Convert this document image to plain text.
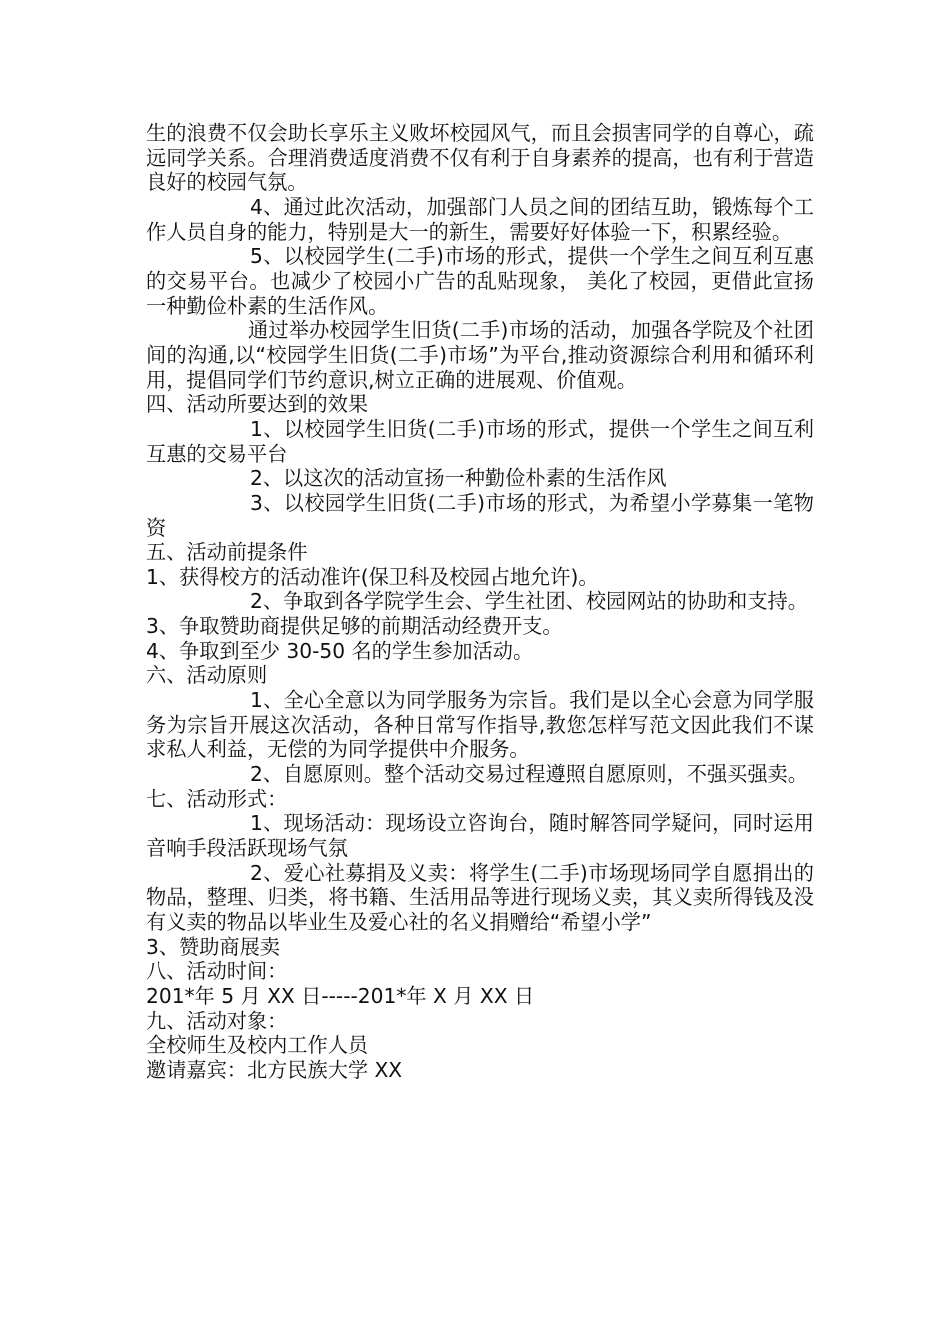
生的浪费不仅会助长享乐主义败坏校园风气，而且会损害同学的自尊心，疏远同学关系。合理消费适度消费不仅有利于自身素养的提高，也有利于营造良好的校园气氛。

4、通过此次活动，加强部门人员之间的团结互助，锻炼每个工作人员自身的能力，特别是大一的新生，需要好好体验一下，积累经验。

5、以校园学生(二手)市场的形式，提供一个学生之间互利互惠的交易平台。也减少了校园小广告的乱贴现象， 美化了校园，更借此宣扬一种勤俭朴素的生活作风。

通过举办校园学生旧货(二手)市场的活动，加强各学院及个社团间的沟通,以“校园学生旧货(二手)市场”为平台,推动资源综合利用和循环利用，提倡同学们节约意识,树立正确的进展观、价值观。

四、活动所要达到的效果

1、以校园学生旧货(二手)市场的形式，提供一个学生之间互利互惠的交易平台

2、以这次的活动宣扬一种勤俭朴素的生活作风

3、以校园学生旧货(二手)市场的形式，为希望小学募集一笔物资

五、活动前提条件

1、获得校方的活动准许(保卫科及校园占地允许)。

2、争取到各学院学生会、学生社团、校园网站的协助和支持。

3、争取赞助商提供足够的前期活动经费开支。

4、争取到至少 30-50 名的学生参加活动。

六、活动原则

1、全心全意以为同学服务为宗旨。我们是以全心会意为同学服务为宗旨开展这次活动，各种日常写作指导,教您怎样写范文因此我们不谋求私人利益，无偿的为同学提供中介服务。

2、自愿原则。整个活动交易过程遵照自愿原则，不强买强卖。

七、活动形式：

1、现场活动：现场设立咨询台，随时解答同学疑问，同时运用音响手段活跃现场气氛

2、爱心社募捐及义卖：将学生(二手)市场现场同学自愿捐出的物品，整理、归类，将书籍、生活用品等进行现场义卖，其义卖所得钱及没有义卖的物品以毕业生及爱心社的名义捐赠给“希望小学”

3、赞助商展卖

八、活动时间：

201*年 5 月 XX 日-----201*年 X 月 XX 日

九、活动对象：

全校师生及校内工作人员

邀请嘉宾：北方民族大学 XX
